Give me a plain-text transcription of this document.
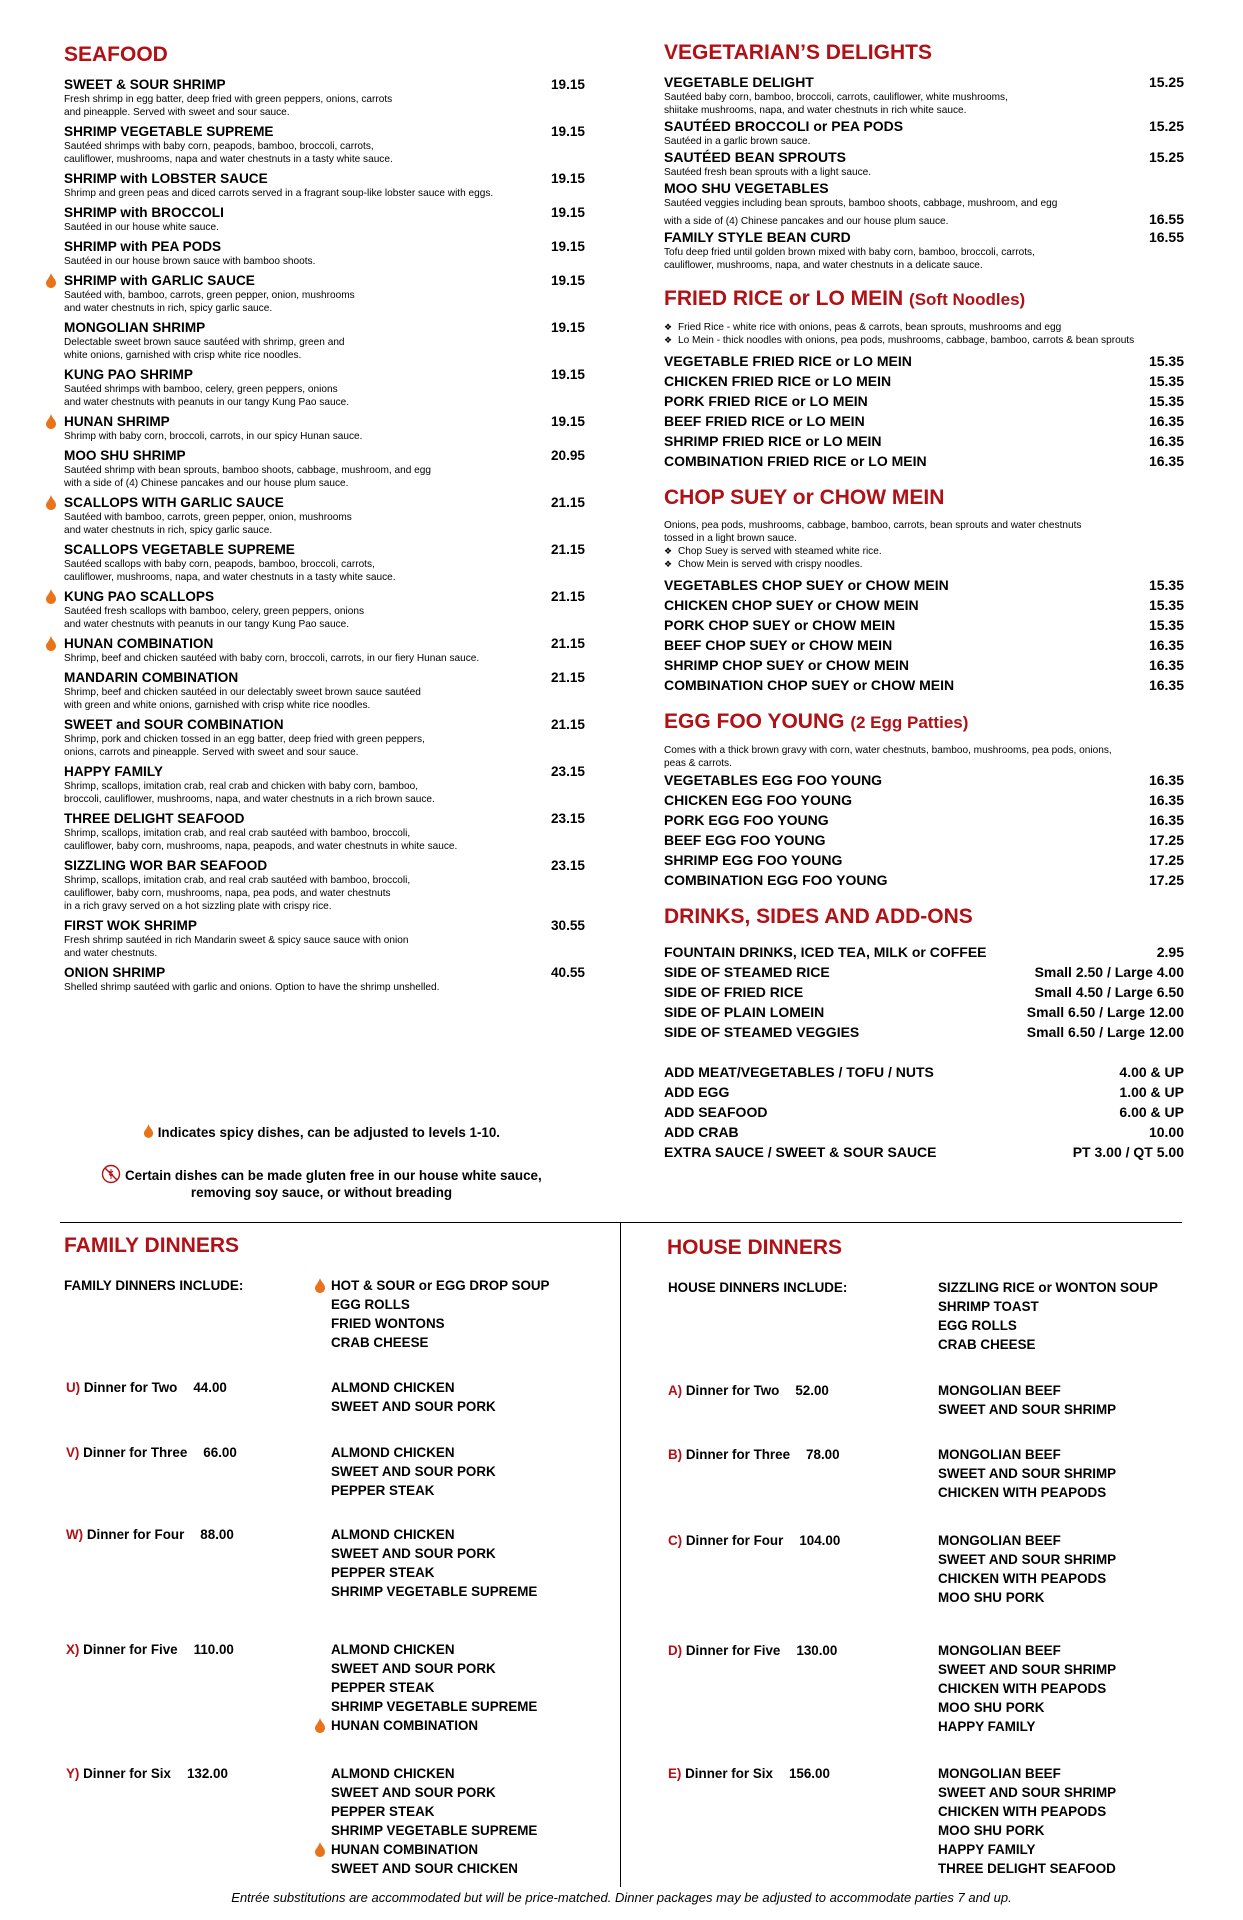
SEAFOOD
SWEET & SOUR SHRIMP	19.15
Fresh shrimp in egg batter, deep fried with green peppers, onions, carrots
and pineapple. Served with sweet and sour sauce.
SHRIMP VEGETABLE SUPREME	19.15
Sautéed shrimps with baby corn, peapods, bamboo, broccoli, carrots,
cauliflower, mushrooms, napa and water chestnuts in a tasty white sauce.
SHRIMP with LOBSTER SAUCE	19.15
Shrimp and green peas and diced carrots served in a fragrant soup-like lobster sauce with eggs.
SHRIMP with BROCCOLI	19.15
Sautéed in our house white sauce.
SHRIMP with PEA PODS	19.15
Sautéed in our house brown sauce with bamboo shoots.
SHRIMP with GARLIC SAUCE	19.15
Sautéed with, bamboo, carrots, green pepper, onion, mushrooms
and water chestnuts in rich, spicy garlic sauce.
MONGOLIAN SHRIMP	19.15
Delectable sweet brown sauce sautéed with shrimp, green and
white onions, garnished with crisp white rice noodles.
KUNG PAO SHRIMP	19.15
Sautéed shrimps with bamboo, celery, green peppers, onions
and water chestnuts with peanuts in our tangy Kung Pao sauce.
HUNAN SHRIMP	19.15
Shrimp with baby corn, broccoli, carrots, in our spicy Hunan sauce.
MOO SHU SHRIMP	20.95
Sautéed shrimp with bean sprouts, bamboo shoots, cabbage, mushroom, and egg
with a side of (4) Chinese pancakes and our house plum sauce.
SCALLOPS WITH GARLIC SAUCE	21.15
Sautéed with bamboo, carrots, green pepper, onion, mushrooms
and water chestnuts in rich, spicy garlic sauce.
SCALLOPS VEGETABLE SUPREME	21.15
Sautéed scallops with baby corn, peapods, bamboo, broccoli, carrots,
cauliflower, mushrooms, napa, and water chestnuts in a tasty white sauce.
KUNG PAO SCALLOPS	21.15
Sautéed fresh scallops with bamboo, celery, green peppers, onions
and water chestnuts with peanuts in our tangy Kung Pao sauce.
HUNAN COMBINATION	21.15
Shrimp, beef and chicken sautéed with baby corn, broccoli, carrots, in our fiery Hunan sauce.
MANDARIN COMBINATION	21.15
Shrimp, beef and chicken sautéed in our delectably sweet brown sauce sautéed
with green and white onions, garnished with crisp white rice noodles.
SWEET and SOUR COMBINATION	21.15
Shrimp, pork and chicken tossed in an egg batter, deep fried with green peppers,
onions, carrots and pineapple. Served with sweet and sour sauce.
HAPPY FAMILY	23.15
Shrimp, scallops, imitation crab, real crab and chicken with baby corn, bamboo,
broccoli, cauliflower, mushrooms, napa, and water chestnuts in a rich brown sauce.
THREE DELIGHT SEAFOOD	23.15
Shrimp, scallops, imitation crab, and real crab sautéed with bamboo, broccoli,
cauliflower, baby corn, mushrooms, napa, peapods, and water chestnuts in white sauce.
SIZZLING WOR BAR SEAFOOD	23.15
Shrimp, scallops, imitation crab, and real crab sautéed with bamboo, broccoli,
cauliflower, baby corn, mushrooms, napa, pea pods, and water chestnuts
in a rich gravy served on a hot sizzling plate with crispy rice.
FIRST WOK SHRIMP	30.55
Fresh shrimp sautéed in rich Mandarin sweet & spicy sauce sauce with onion
and water chestnuts.
ONION SHRIMP	40.55
Shelled shrimp sautéed with garlic and onions. Option to have the shrimp unshelled.
Indicates spicy dishes, can be adjusted to levels 1-10.
Certain dishes can be made gluten free in our house white sauce,
removing soy sauce, or without breading
VEGETARIAN’S DELIGHTS
VEGETABLE DELIGHT	15.25
Sautéed baby corn, bamboo, broccoli, carrots, cauliflower, white mushrooms,
shiitake mushrooms, napa, and water chestnuts in rich white sauce.
SAUTÉED BROCCOLI or PEA PODS	15.25
Sautéed in a garlic brown sauce.
SAUTÉED BEAN SPROUTS	15.25
Sautéed fresh bean sprouts with a light sauce.
MOO SHU VEGETABLES
Sautéed veggies including bean sprouts, bamboo shoots, cabbage, mushroom, and egg
with a side of (4) Chinese pancakes and our house plum sauce.	16.55
FAMILY STYLE BEAN CURD	16.55
Tofu deep fried until golden brown mixed with baby corn, bamboo, broccoli, carrots,
cauliflower, mushrooms, napa, and water chestnuts in a delicate sauce.
FRIED RICE or LO MEIN (Soft Noodles)
❖ Fried Rice - white rice with onions, peas & carrots, bean sprouts, mushrooms and egg
❖ Lo Mein - thick noodles with onions, pea pods, mushrooms, cabbage, bamboo, carrots & bean sprouts
VEGETABLE FRIED RICE or LO MEIN	15.35
CHICKEN FRIED RICE or LO MEIN	15.35
PORK FRIED RICE or LO MEIN	15.35
BEEF FRIED RICE or LO MEIN	16.35
SHRIMP FRIED RICE or LO MEIN	16.35
COMBINATION FRIED RICE or LO MEIN	16.35
CHOP SUEY or CHOW MEIN
Onions, pea pods, mushrooms, cabbage, bamboo, carrots, bean sprouts and water chestnuts
tossed in a light brown sauce.
❖ Chop Suey is served with steamed white rice.
❖ Chow Mein is served with crispy noodles.
VEGETABLES CHOP SUEY or CHOW MEIN	15.35
CHICKEN CHOP SUEY or CHOW MEIN	15.35
PORK CHOP SUEY or CHOW MEIN	15.35
BEEF CHOP SUEY or CHOW MEIN	16.35
SHRIMP CHOP SUEY or CHOW MEIN	16.35
COMBINATION CHOP SUEY or CHOW MEIN	16.35
EGG FOO YOUNG (2 Egg Patties)
Comes with a thick brown gravy with corn, water chestnuts, bamboo, mushrooms, pea pods, onions,
peas & carrots.
VEGETABLES EGG FOO YOUNG	16.35
CHICKEN EGG FOO YOUNG	16.35
PORK EGG FOO YOUNG	16.35
BEEF EGG FOO YOUNG	17.25
SHRIMP EGG FOO YOUNG	17.25
COMBINATION EGG FOO YOUNG	17.25
DRINKS, SIDES AND ADD-ONS
FOUNTAIN DRINKS, ICED TEA, MILK or COFFEE	2.95
SIDE OF STEAMED RICE	Small 2.50 / Large 4.00
SIDE OF FRIED RICE	Small 4.50 / Large 6.50
SIDE OF PLAIN LOMEIN	Small 6.50 / Large 12.00
SIDE OF STEAMED VEGGIES	Small 6.50 / Large 12.00
ADD MEAT/VEGETABLES / TOFU / NUTS	4.00 & UP
ADD EGG	1.00 & UP
ADD SEAFOOD	6.00 & UP
ADD CRAB	10.00
EXTRA SAUCE / SWEET & SOUR SAUCE	PT 3.00 / QT 5.00
FAMILY DINNERS
FAMILY DINNERS INCLUDE:	HOT & SOUR or EGG DROP SOUP
EGG ROLLS
FRIED WONTONS
CRAB CHEESE
U) Dinner for Two 44.00	ALMOND CHICKEN
SWEET AND SOUR PORK
V) Dinner for Three 66.00	ALMOND CHICKEN
SWEET AND SOUR PORK
PEPPER STEAK
W) Dinner for Four 88.00	ALMOND CHICKEN
SWEET AND SOUR PORK
PEPPER STEAK
SHRIMP VEGETABLE SUPREME
X) Dinner for Five 110.00	ALMOND CHICKEN
SWEET AND SOUR PORK
PEPPER STEAK
SHRIMP VEGETABLE SUPREME
HUNAN COMBINATION
Y) Dinner for Six 132.00	ALMOND CHICKEN
SWEET AND SOUR PORK
PEPPER STEAK
SHRIMP VEGETABLE SUPREME
HUNAN COMBINATION
SWEET AND SOUR CHICKEN
HOUSE DINNERS
HOUSE DINNERS INCLUDE:	SIZZLING RICE or WONTON SOUP
SHRIMP TOAST
EGG ROLLS
CRAB CHEESE
A) Dinner for Two 52.00	MONGOLIAN BEEF
SWEET AND SOUR SHRIMP
B) Dinner for Three 78.00	MONGOLIAN BEEF
SWEET AND SOUR SHRIMP
CHICKEN WITH PEAPODS
C) Dinner for Four 104.00	MONGOLIAN BEEF
SWEET AND SOUR SHRIMP
CHICKEN WITH PEAPODS
MOO SHU PORK
D) Dinner for Five 130.00	MONGOLIAN BEEF
SWEET AND SOUR SHRIMP
CHICKEN WITH PEAPODS
MOO SHU PORK
HAPPY FAMILY
E) Dinner for Six 156.00	MONGOLIAN BEEF
SWEET AND SOUR SHRIMP
CHICKEN WITH PEAPODS
MOO SHU PORK
HAPPY FAMILY
THREE DELIGHT SEAFOOD
Entrée substitutions are accommodated but will be price-matched. Dinner packages may be adjusted to accommodate parties 7 and up.
